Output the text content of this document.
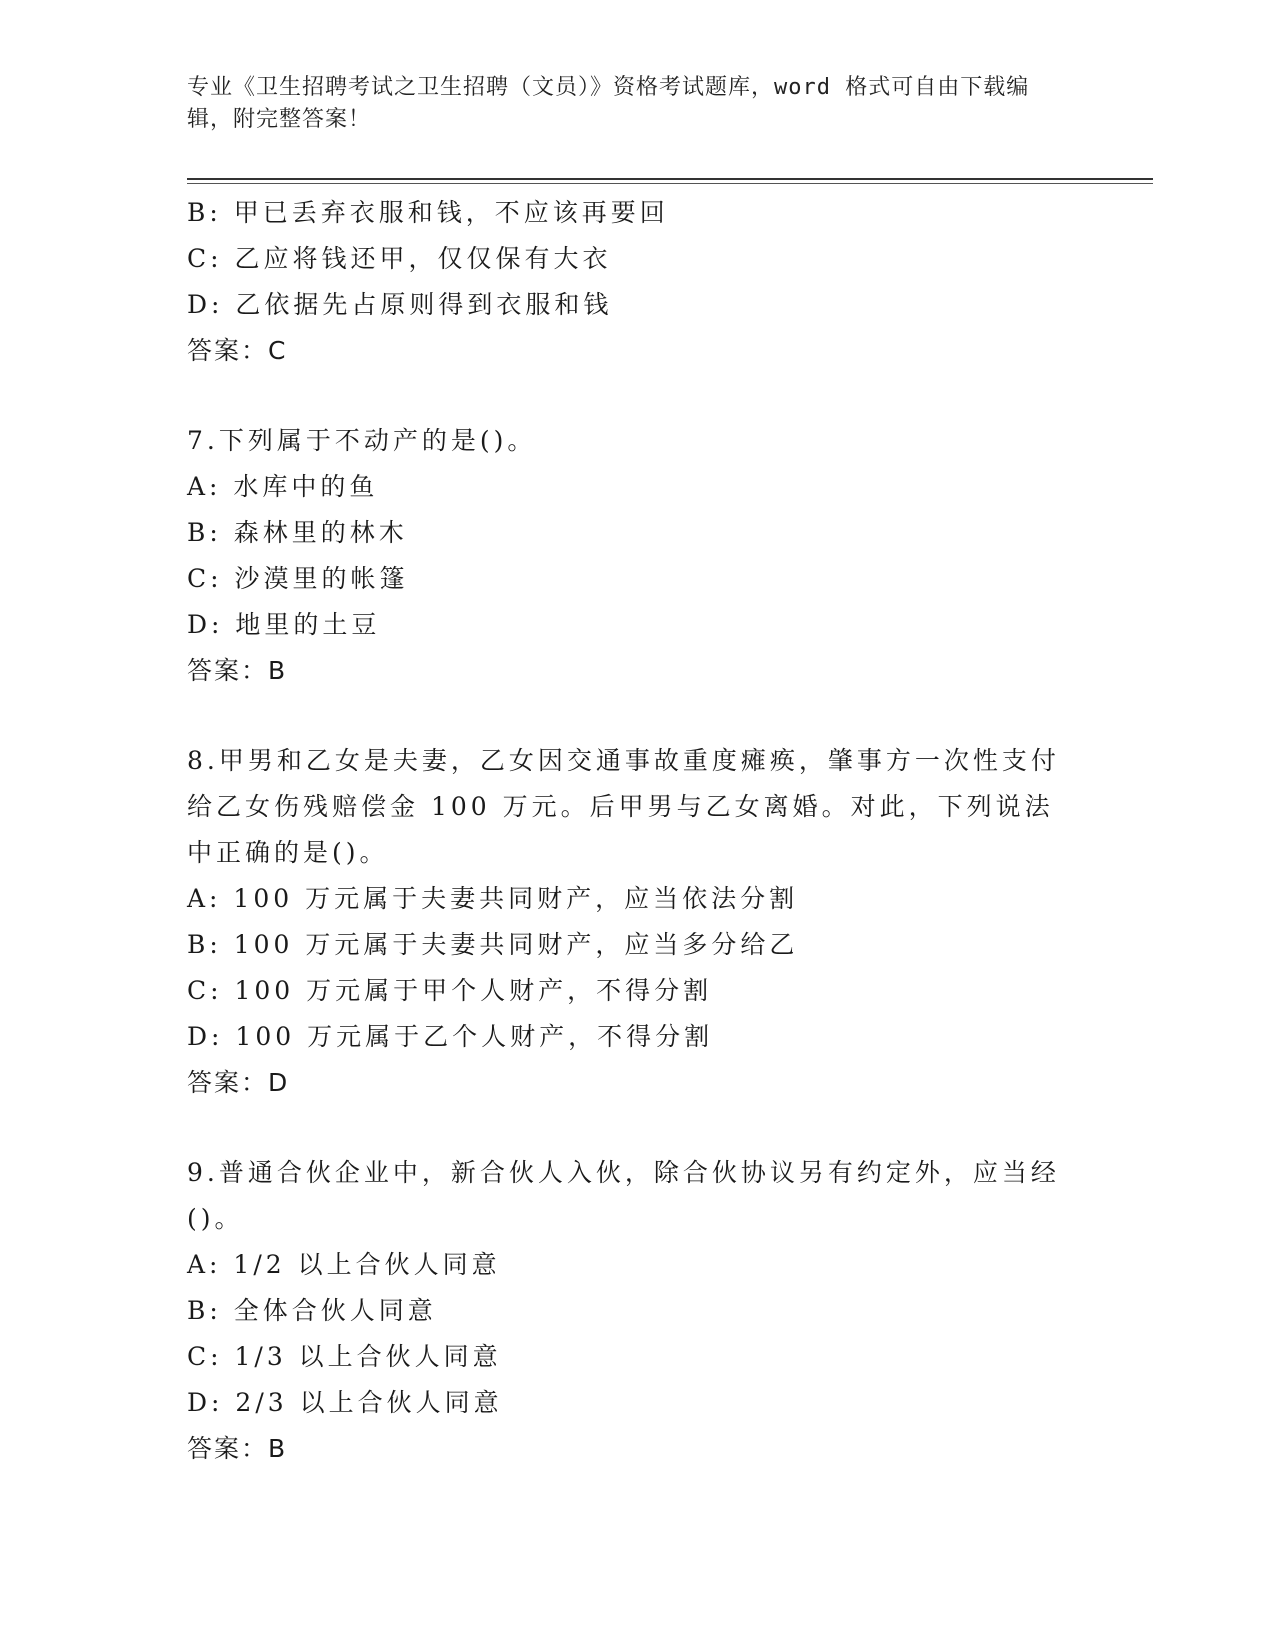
专业《卫生招聘考试之卫生招聘（文员）》资格考试题库，word 格式可自由下载编辑，附完整答案！
B: 甲已丢弃衣服和钱，不应该再要回
C: 乙应将钱还甲，仅仅保有大衣
D: 乙依据先占原则得到衣服和钱
答案：C
7.下列属于不动产的是()。
A: 水库中的鱼
B: 森林里的林木
C: 沙漠里的帐篷
D: 地里的土豆
答案：B
8.甲男和乙女是夫妻，乙女因交通事故重度瘫痪，肇事方一次性支付给乙女伤残赔偿金 100 万元。后甲男与乙女离婚。对此，下列说法中正确的是()。
A: 100 万元属于夫妻共同财产，应当依法分割
B: 100 万元属于夫妻共同财产，应当多分给乙
C: 100 万元属于甲个人财产，不得分割
D: 100 万元属于乙个人财产，不得分割
答案：D
9.普通合伙企业中，新合伙人入伙，除合伙协议另有约定外，应当经()。
A: 1/2 以上合伙人同意
B: 全体合伙人同意
C: 1/3 以上合伙人同意
D: 2/3 以上合伙人同意
答案：B
